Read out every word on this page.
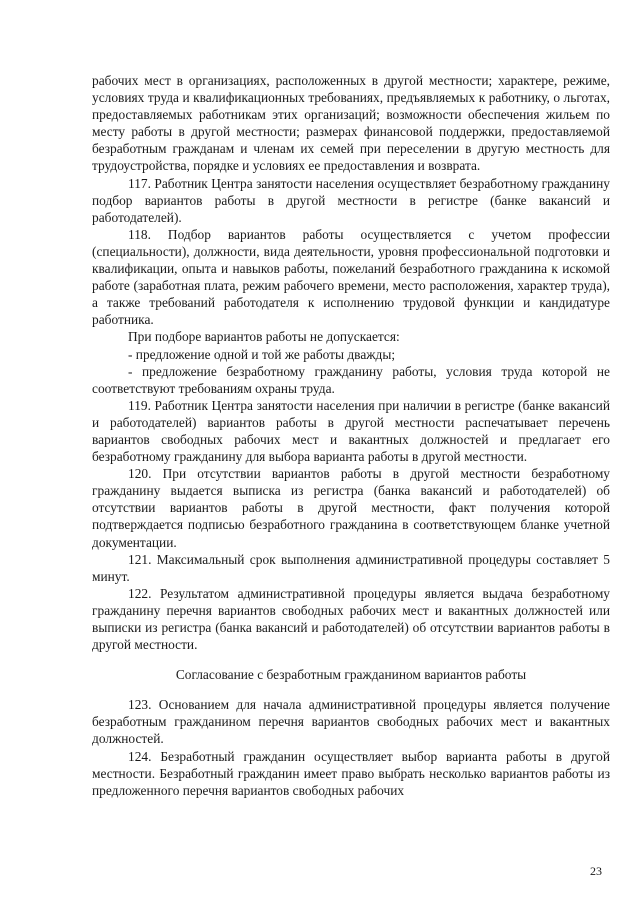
рабочих мест в организациях, расположенных в другой местности; характере, режиме, условиях труда и квалификационных требованиях, предъявляемых к работнику, о льготах, предоставляемых работникам этих организаций; возможности обеспечения жильем по месту работы в другой местности; размерах финансовой поддержки, предоставляемой безработным гражданам и членам их семей при переселении в другую местность для трудоустройства, порядке и условиях ее предоставления и возврата.

117. Работник Центра занятости населения осуществляет безработному гражданину подбор вариантов работы в другой местности в регистре (банке вакансий и работодателей).

118. Подбор вариантов работы осуществляется с учетом профессии (специальности), должности, вида деятельности, уровня профессиональной подготовки и квалификации, опыта и навыков работы, пожеланий безработного гражданина к искомой работе (заработная плата, режим рабочего времени, место расположения, характер труда), а также требований работодателя к исполнению трудовой функции и кандидатуре работника.

При подборе вариантов работы не допускается:

- предложение одной и той же работы дважды;

- предложение безработному гражданину работы, условия труда которой не соответствуют требованиям охраны труда.

119. Работник Центра занятости населения при наличии в регистре (банке вакансий и работодателей) вариантов работы в другой местности распечатывает перечень вариантов свободных рабочих мест и вакантных должностей и предлагает его безработному гражданину для выбора варианта работы в другой местности.

120. При отсутствии вариантов работы в другой местности безработному гражданину выдается выписка из регистра (банка вакансий и работодателей) об отсутствии вариантов работы в другой местности, факт получения которой подтверждается подписью безработного гражданина в соответствующем бланке учетной документации.

121. Максимальный срок выполнения административной процедуры составляет 5 минут.

122. Результатом административной процедуры является выдача безработному гражданину перечня вариантов свободных рабочих мест и вакантных должностей или выписки из регистра (банка вакансий и работодателей) об отсутствии вариантов работы в другой местности.

Согласование с безработным гражданином вариантов работы

123. Основанием для начала административной процедуры является получение безработным гражданином перечня вариантов свободных рабочих мест и вакантных должностей.

124. Безработный гражданин осуществляет выбор варианта работы в другой местности. Безработный гражданин имеет право выбрать несколько вариантов работы из предложенного перечня вариантов свободных рабочих

23
